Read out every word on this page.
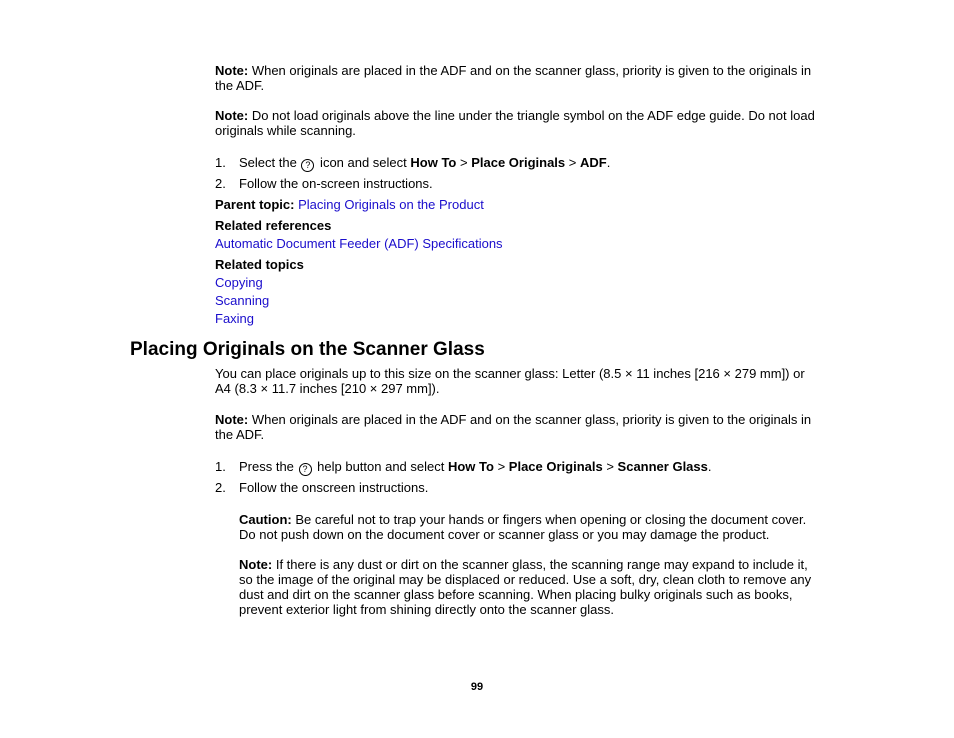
Note: When originals are placed in the ADF and on the scanner glass, priority is given to the originals in the ADF.

Note: Do not load originals above the line under the triangle symbol on the ADF edge guide. Do not load originals while scanning.

1. Select the ? icon and select How To > Place Originals > ADF.

2. Follow the on-screen instructions.

Parent topic: Placing Originals on the Product

Related references

Automatic Document Feeder (ADF) Specifications

Related topics

Copying
Scanning
Faxing
Placing Originals on the Scanner Glass

You can place originals up to this size on the scanner glass: Letter (8.5 × 11 inches [216 × 279 mm]) or A4 (8.3 × 11.7 inches [210 × 297 mm]).

Note: When originals are placed in the ADF and on the scanner glass, priority is given to the originals in the ADF.

1. Press the ? help button and select How To > Place Originals > Scanner Glass.

2. Follow the onscreen instructions.

Caution: Be careful not to trap your hands or fingers when opening or closing the document cover. Do not push down on the document cover or scanner glass or you may damage the product.

Note: If there is any dust or dirt on the scanner glass, the scanning range may expand to include it, so the image of the original may be displaced or reduced. Use a soft, dry, clean cloth to remove any dust and dirt on the scanner glass before scanning. When placing bulky originals such as books, prevent exterior light from shining directly onto the scanner glass.

99
